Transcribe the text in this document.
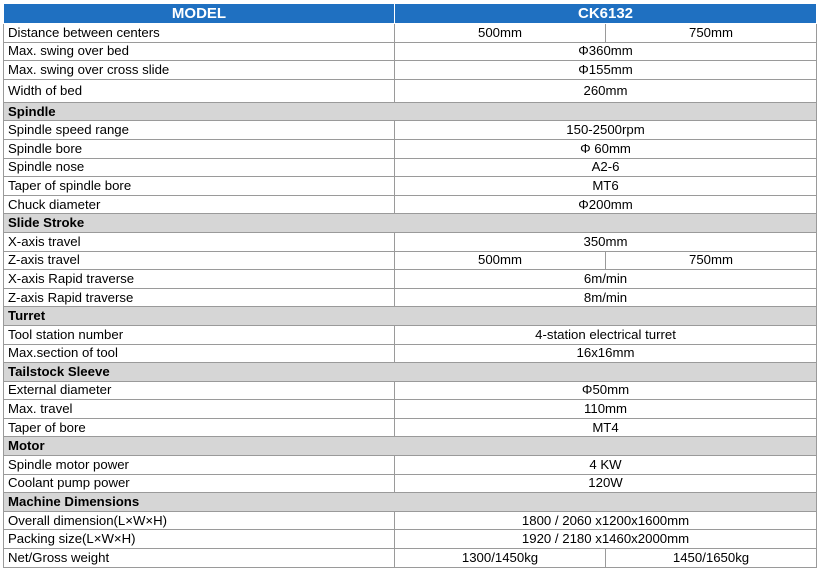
MODEL	CK6132	
Distance between centers	500mm	750mm
Max. swing over bed	Φ360mm	
Max. swing over cross slide	Φ155mm	
Width of bed	260mm	
Spindle		
Spindle speed range	150-2500rpm	
Spindle bore	Φ 60mm	
Spindle nose	A2-6	
Taper of spindle bore	MT6	
Chuck diameter	Φ200mm	
Slide Stroke		
X-axis travel	350mm	
Z-axis travel	500mm	750mm
X-axis Rapid traverse	6m/min	
Z-axis Rapid traverse	8m/min	
Turret		
Tool station number	4-station electrical turret	
Max.section of tool	16x16mm	
Tailstock Sleeve		
External diameter	Φ50mm	
Max. travel	110mm	
Taper of bore	MT4	
Motor		
Spindle motor power	4 KW	
Coolant pump power	120W	
Machine Dimensions		
Overall dimension(L×W×H)	1800 / 2060 x1200x1600mm	
Packing size(L×W×H)	1920 / 2180 x1460x2000mm	
Net/Gross weight	1300/1450kg	1450/1650kg
